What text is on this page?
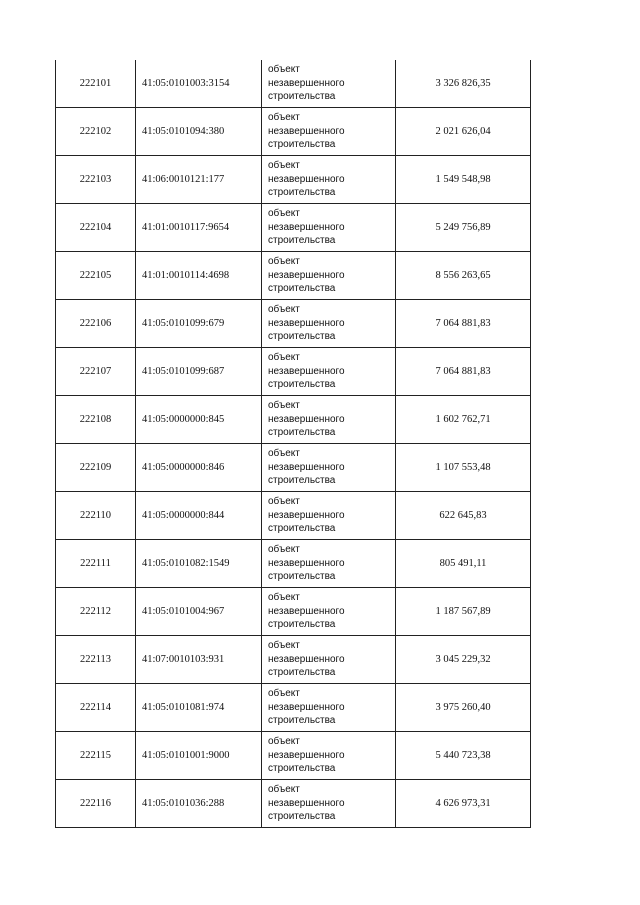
222101	41:05:0101003:3154	объект
незавершенного
строительства	3 326 826,35
222102	41:05:0101094:380	объект
незавершенного
строительства	2 021 626,04
222103	41:06:0010121:177	объект
незавершенного
строительства	1 549 548,98
222104	41:01:0010117:9654	объект
незавершенного
строительства	5 249 756,89
222105	41:01:0010114:4698	объект
незавершенного
строительства	8 556 263,65
222106	41:05:0101099:679	объект
незавершенного
строительства	7 064 881,83
222107	41:05:0101099:687	объект
незавершенного
строительства	7 064 881,83
222108	41:05:0000000:845	объект
незавершенного
строительства	1 602 762,71
222109	41:05:0000000:846	объект
незавершенного
строительства	1 107 553,48
222110	41:05:0000000:844	объект
незавершенного
строительства	622 645,83
222111	41:05:0101082:1549	объект
незавершенного
строительства	805 491,11
222112	41:05:0101004:967	объект
незавершенного
строительства	1 187 567,89
222113	41:07:0010103:931	объект
незавершенного
строительства	3 045 229,32
222114	41:05:0101081:974	объект
незавершенного
строительства	3 975 260,40
222115	41:05:0101001:9000	объект
незавершенного
строительства	5 440 723,38
222116	41:05:0101036:288	объект
незавершенного
строительства	4 626 973,31
